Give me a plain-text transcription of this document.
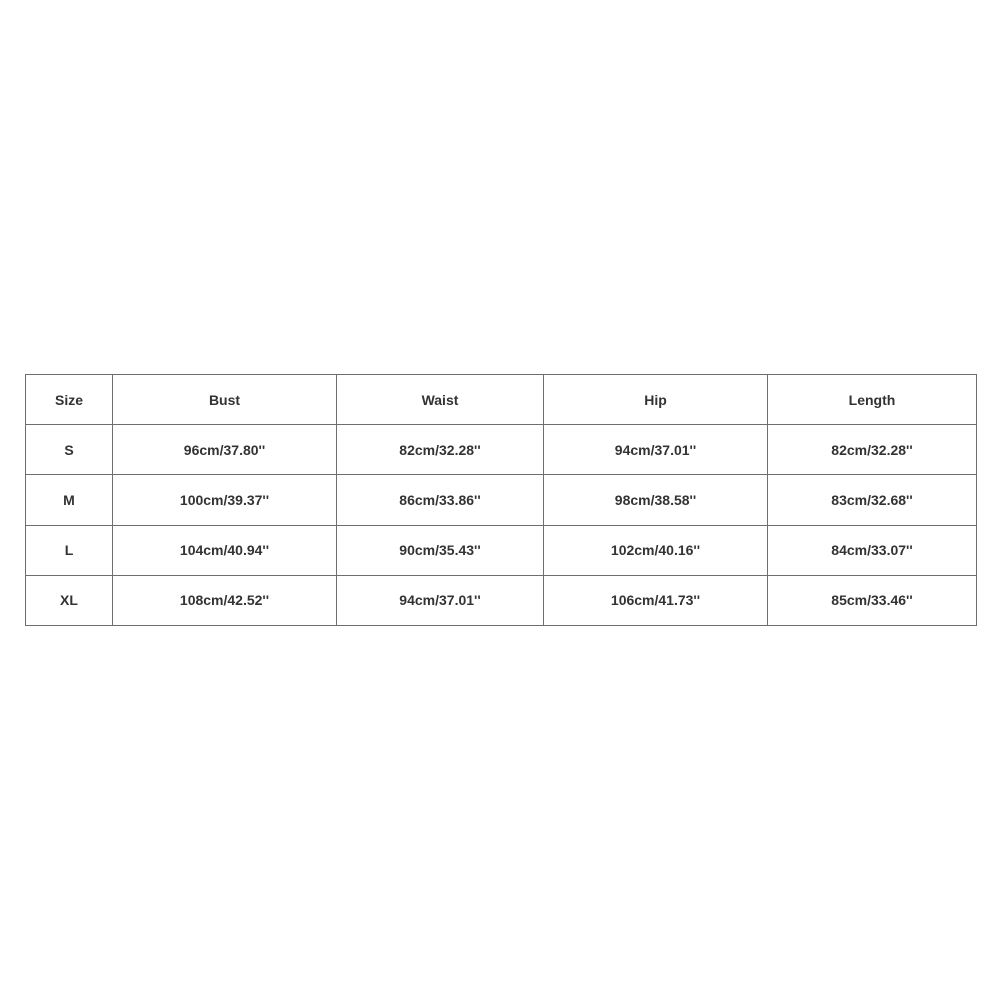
Size	Bust	Waist	Hip	Length
S	96cm/37.80''	82cm/32.28''	94cm/37.01''	82cm/32.28''
M	100cm/39.37''	86cm/33.86''	98cm/38.58''	83cm/32.68''
L	104cm/40.94''	90cm/35.43''	102cm/40.16''	84cm/33.07''
XL	108cm/42.52''	94cm/37.01''	106cm/41.73''	85cm/33.46''
